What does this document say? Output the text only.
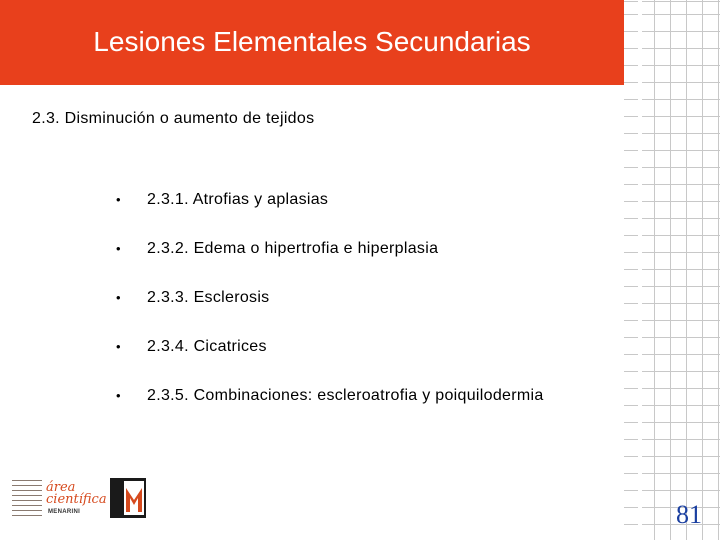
Lesiones Elementales Secundarias
2.3. Disminución o aumento de tejidos
•	2.3.1. Atrofias y aplasias
•	2.3.2. Edema o hipertrofia e hiperplasia
•	2.3.3. Esclerosis
•	2.3.4. Cicatrices
•	2.3.5. Combinaciones: escleroatrofia y poiquilodermia
área
científica
MENARINI	81
